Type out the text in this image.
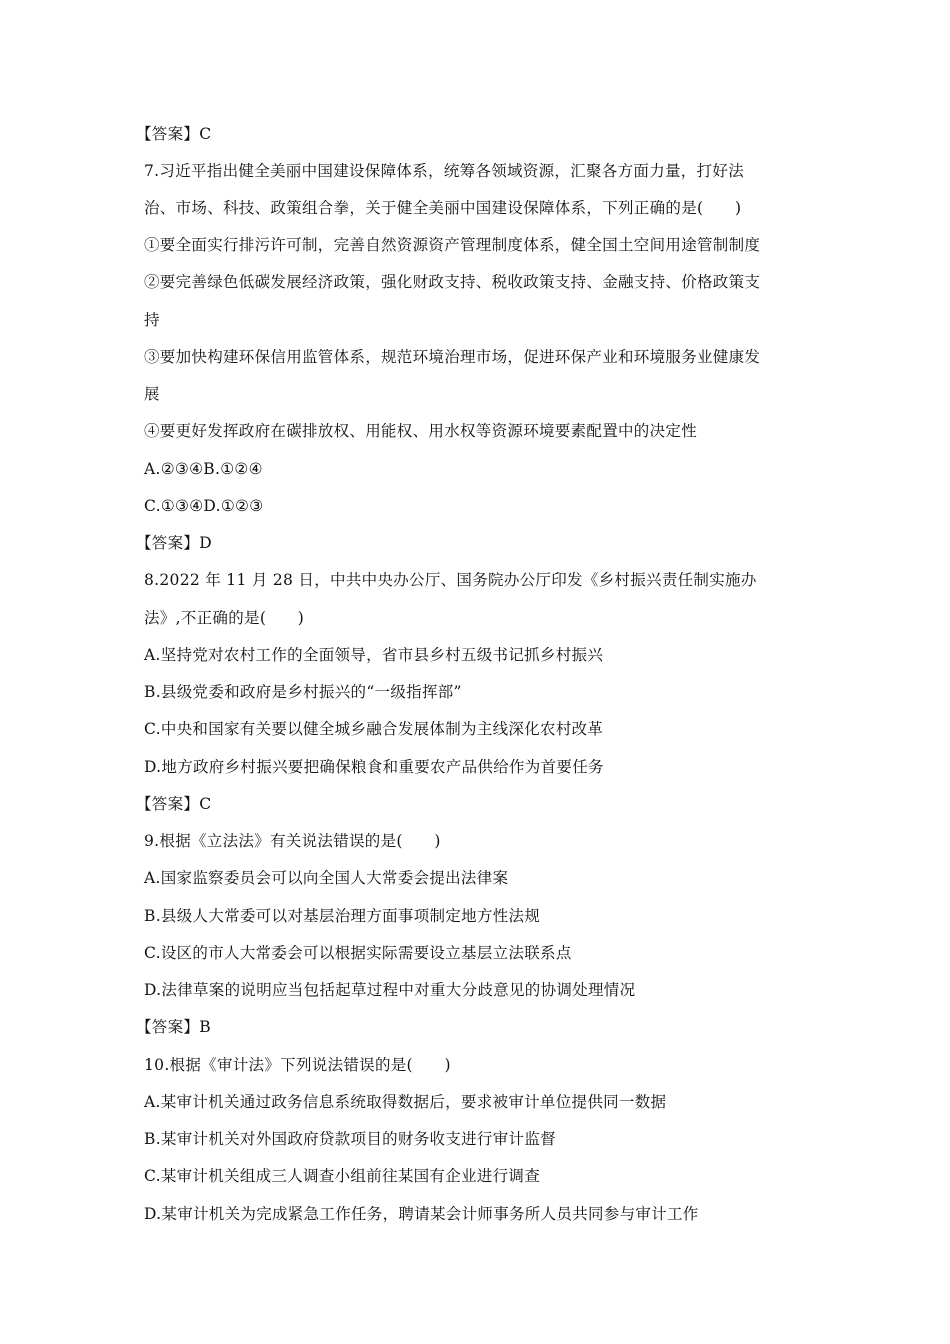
【答案】C
7.习近平指出健全美丽中国建设保障体系，统筹各领域资源，汇聚各方面力量，打好法
治、市场、科技、政策组合拳，关于健全美丽中国建设保障体系，下列正确的是(　　)
①要全面实行排污许可制，完善自然资源资产管理制度体系，健全国土空间用途管制制度
②要完善绿色低碳发展经济政策，强化财政支持、税收政策支持、金融支持、价格政策支
持
③要加快构建环保信用监管体系，规范环境治理市场，促进环保产业和环境服务业健康发
展
④要更好发挥政府在碳排放权、用能权、用水权等资源环境要素配置中的决定性
A.②③④B.①②④
C.①③④D.①②③
【答案】D
8.2022 年 11 月 28 日，中共中央办公厅、国务院办公厅印发《乡村振兴责任制实施办
法》,不正确的是(　　)
A.坚持党对农村工作的全面领导，省市县乡村五级书记抓乡村振兴
B.县级党委和政府是乡村振兴的“一级指挥部”
C.中央和国家有关要以健全城乡融合发展体制为主线深化农村改革
D.地方政府乡村振兴要把确保粮食和重要农产品供给作为首要任务
【答案】C
9.根据《立法法》有关说法错误的是(　　)
A.国家监察委员会可以向全国人大常委会提出法律案
B.县级人大常委可以对基层治理方面事项制定地方性法规
C.设区的市人大常委会可以根据实际需要设立基层立法联系点
D.法律草案的说明应当包括起草过程中对重大分歧意见的协调处理情况
【答案】B
10.根据《审计法》下列说法错误的是(　　)
A.某审计机关通过政务信息系统取得数据后，要求被审计单位提供同一数据
B.某审计机关对外国政府贷款项目的财务收支进行审计监督
C.某审计机关组成三人调查小组前往某国有企业进行调查
D.某审计机关为完成紧急工作任务，聘请某会计师事务所人员共同参与审计工作
